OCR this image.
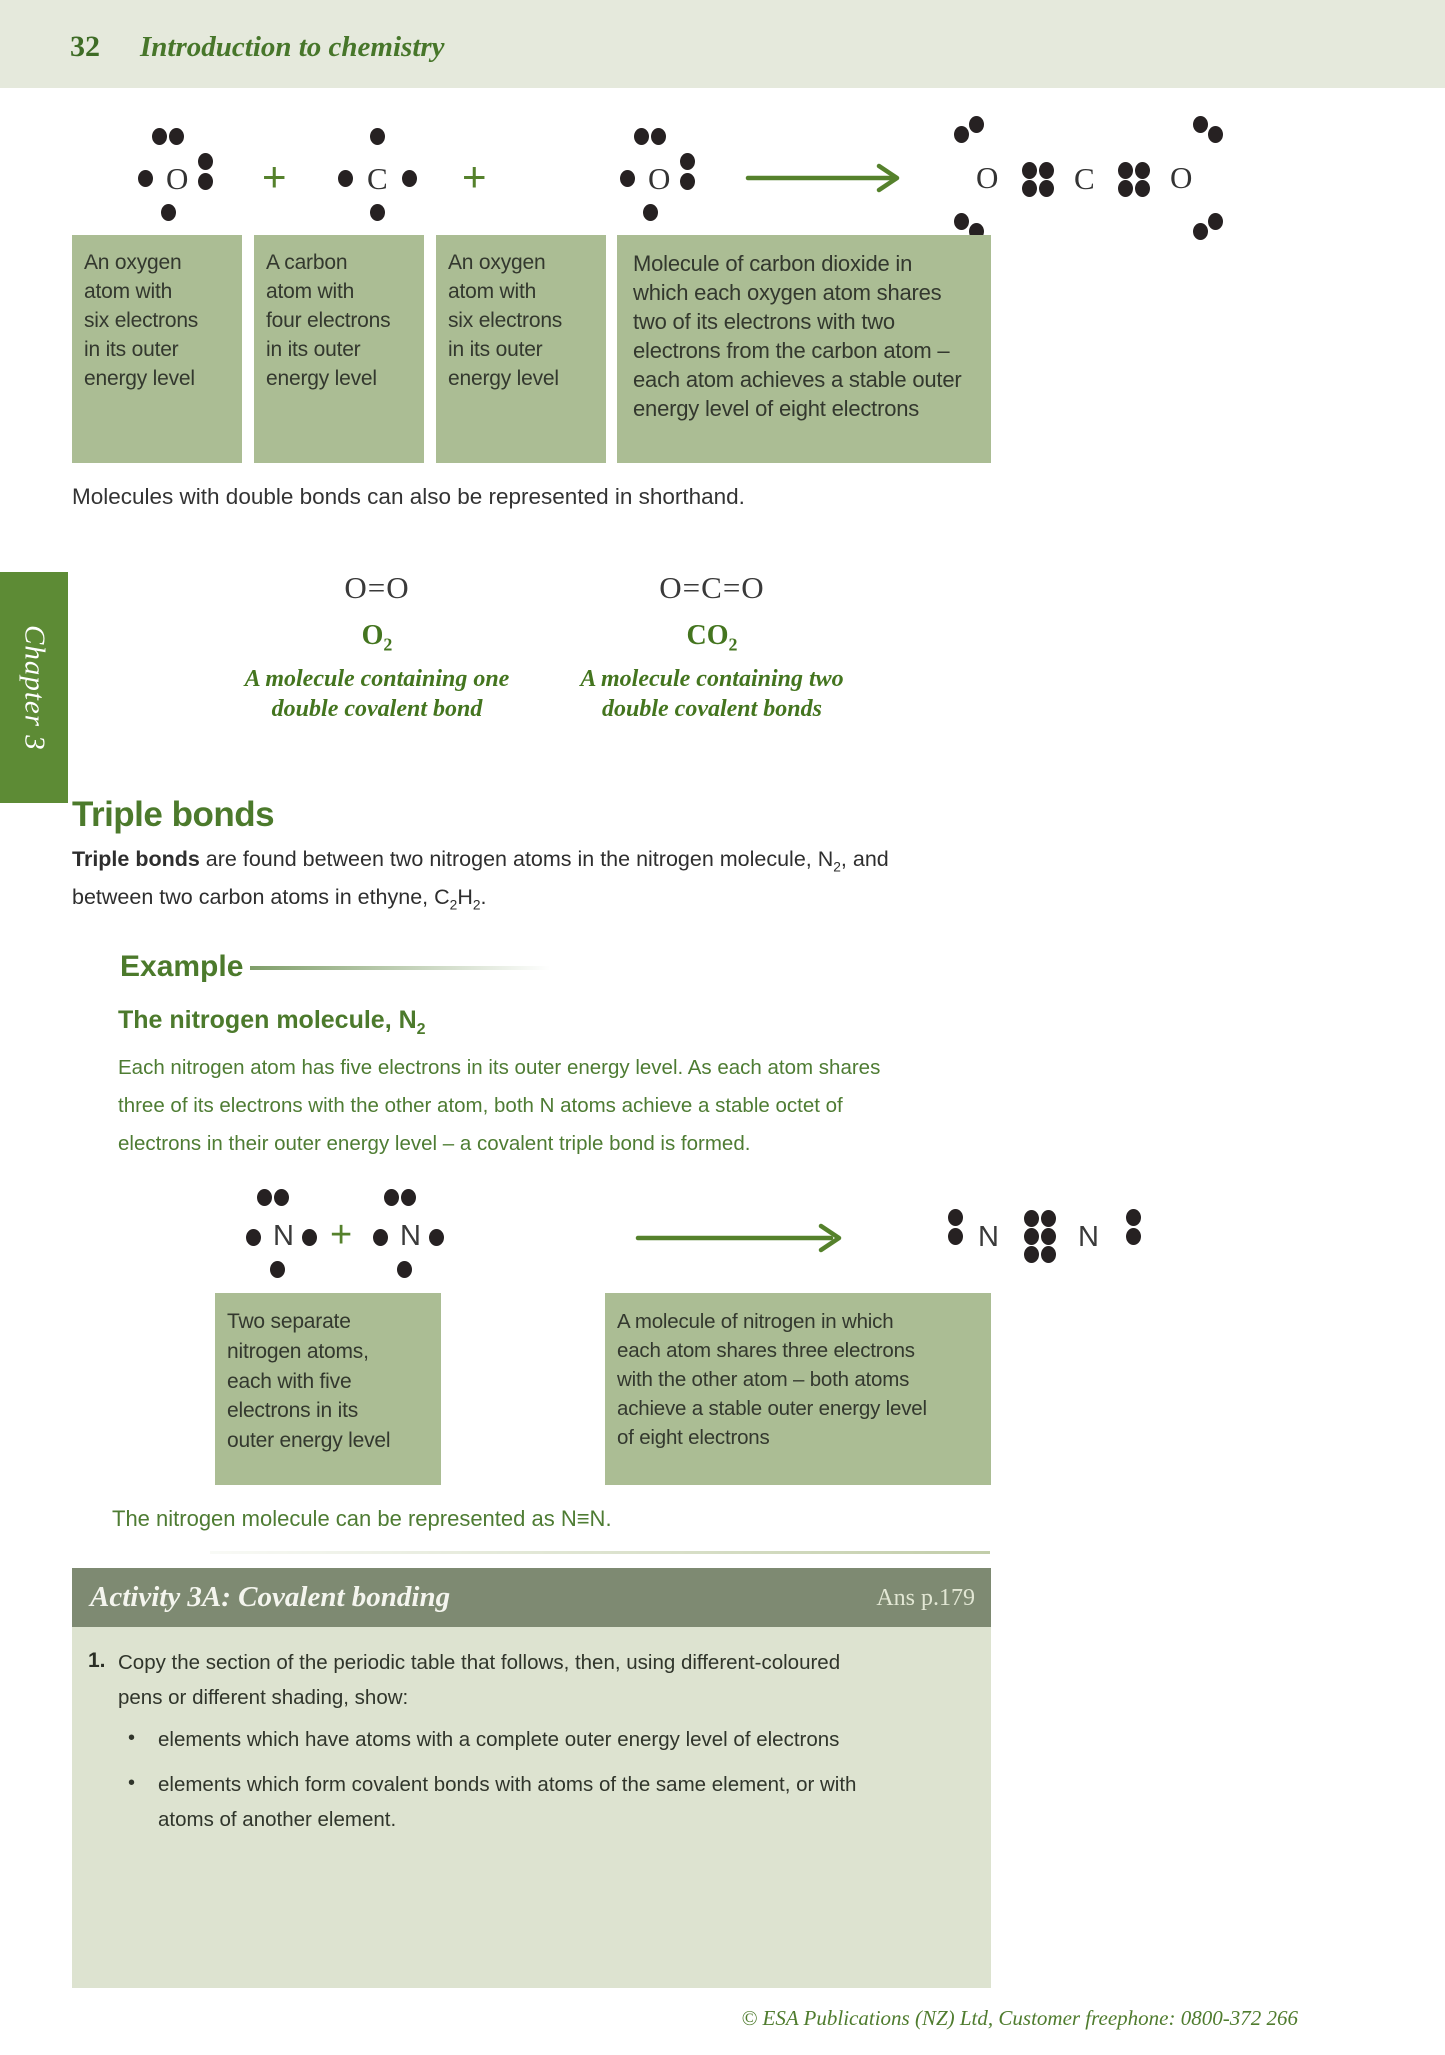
32 Introduction to chemistry
Chapter 3
O +	C +	O	O C O
An oxygen
atom with
six electrons
in its outer
energy level
A carbon
atom with
four electrons
in its outer
energy level
An oxygen
atom with
six electrons
in its outer
energy level
Molecule of carbon dioxide in
which each oxygen atom shares
two of its electrons with two
electrons from the carbon atom –
each atom achieves a stable outer
energy level of eight electrons
Molecules with double bonds can also be represented in shorthand.
O=O
$O_2$
A molecule containing one
double covalent bond
O=C=O
$CO_2$
A molecule containing two
double covalent bonds
Triple bonds
Triple bonds are found between two nitrogen atoms in the nitrogen molecule, $N_2$, and
between two carbon atoms in ethyne, $C_2H_2$.
Example
The nitrogen molecule, $N_2$
Each nitrogen atom has five electrons in its outer energy level. As each atom shares
three of its electrons with the other atom, both N atoms achieve a stable octet of
electrons in their outer energy level – a covalent triple bond is formed.
N + N	N	N
Two separate
nitrogen atoms,
each with five
electrons in its
outer energy level
A molecule of nitrogen in which
each atom shares three electrons
with the other atom – both atoms
achieve a stable outer energy level
of eight electrons
The nitrogen molecule can be represented as N≡N.
Activity 3A: Covalent bonding	Ans p.179
1. Copy the section of the periodic table that follows, then, using different-coloured
pens or different shading, show:
• elements which have atoms with a complete outer energy level of electrons
• elements which form covalent bonds with atoms of the same element, or with
atoms of another element.
© ESA Publications (NZ) Ltd, Customer freephone: 0800-372 266
